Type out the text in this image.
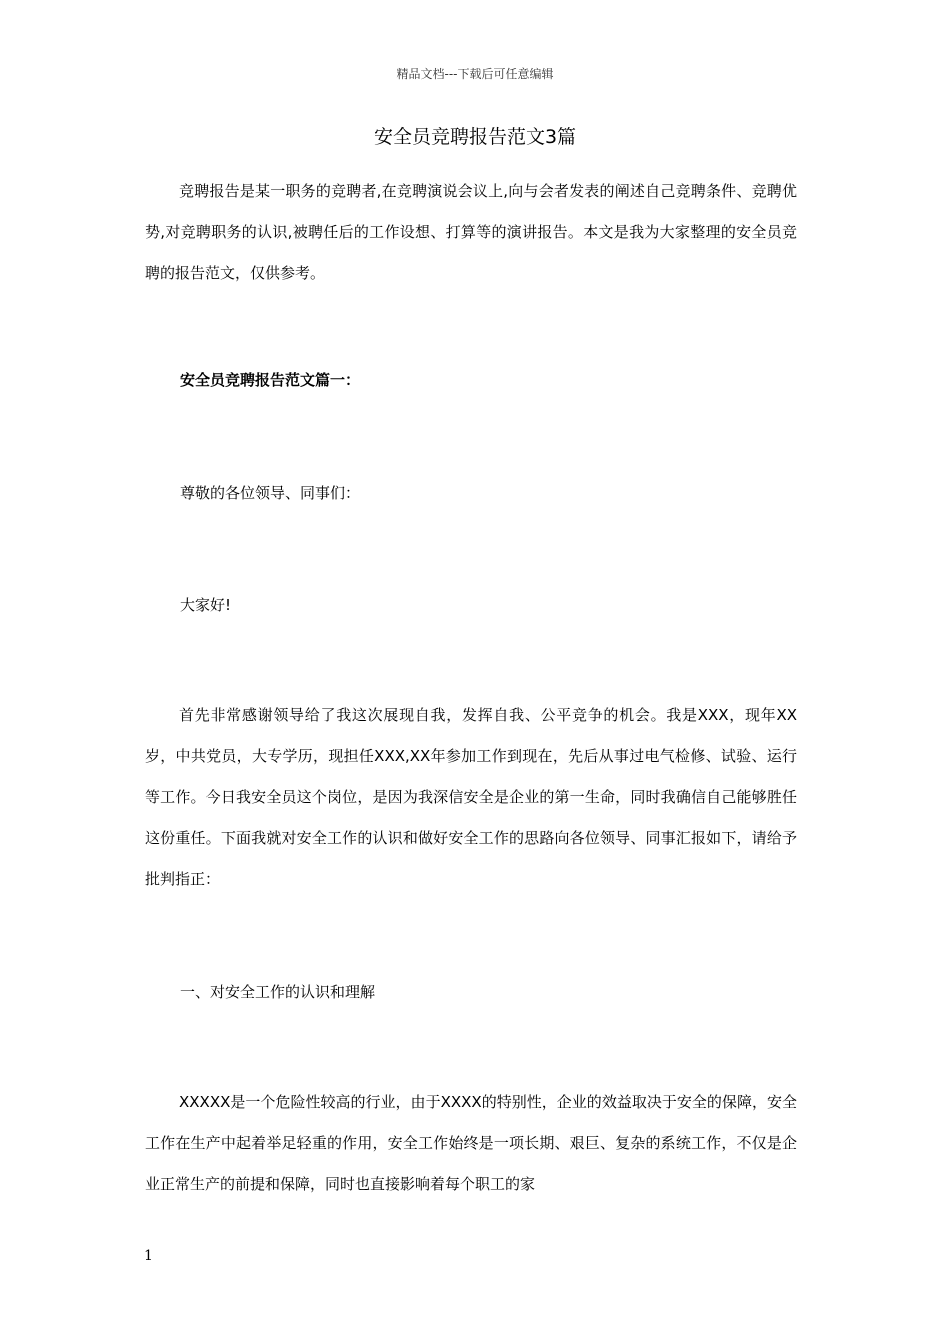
精品文档---下载后可任意编辑
安全员竞聘报告范文3篇

竞聘报告是某一职务的竞聘者,在竞聘演说会议上,向与会者发表的阐述自己竞聘条件、竞聘优势,对竞聘职务的认识,被聘任后的工作设想、打算等的演讲报告。本文是我为大家整理的安全员竞聘的报告范文，仅供参考。

安全员竞聘报告范文篇一：

尊敬的各位领导、同事们：

大家好!

首先非常感谢领导给了我这次展现自我，发挥自我、公平竞争的机会。我是XXX，现年XX岁，中共党员，大专学历，现担任XXX,XX年参加工作到现在，先后从事过电气检修、试验、运行等工作。今日我安全员这个岗位，是因为我深信安全是企业的第一生命，同时我确信自己能够胜任这份重任。下面我就对安全工作的认识和做好安全工作的思路向各位领导、同事汇报如下，请给予批判指正：

一、对安全工作的认识和理解

XXXXX是一个危险性较高的行业，由于XXXX的特别性，企业的效益取决于安全的保障，安全工作在生产中起着举足轻重的作用，安全工作始终是一项长期、艰巨、复杂的系统工作，不仅是企业正常生产的前提和保障，同时也直接影响着每个职工的家

1
